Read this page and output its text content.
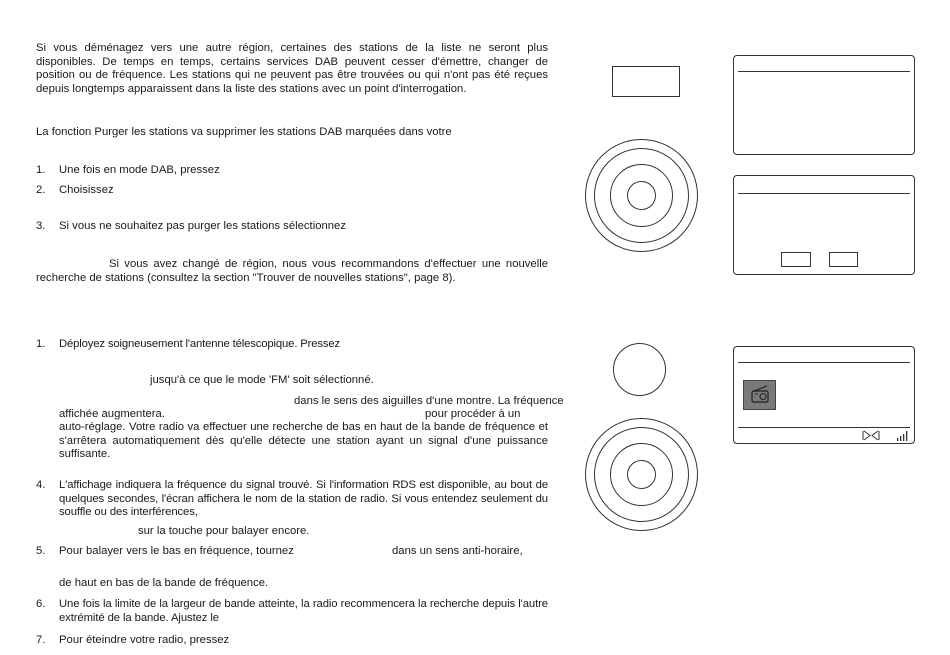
Si vous déménagez vers une autre région, certaines des stations de la liste ne seront plus disponibles. De temps en temps, certains services DAB peuvent cesser d'émettre, changer de position ou de fréquence. Les stations qui ne peuvent pas être trouvées ou qui n'ont pas été reçues depuis longtemps apparaissent dans la liste des stations avec un point d'interrogation.
La fonction Purger les stations va supprimer les stations DAB marquées dans votre
1. Une fois en mode DAB, pressez
2. Choisissez
3. Si vous ne souhaitez pas purger les stations sélectionnez
Si vous avez changé de région, nous vous recommandons d'effectuer une nouvelle recherche de stations (consultez la section "Trouver de nouvelles stations", page 8).
1. Déployez soigneusement l'antenne télescopique. Pressez
jusqu'à ce que le mode 'FM' soit sélectionné.
dans le sens des aiguilles d'une montre. La fréquence
affichée augmentera.	pour procéder à un
auto-réglage. Votre radio va effectuer une recherche de bas en haut de la bande de fréquence et s'arrêtera automatiquement dès qu'elle détecte une station ayant un signal d'une puissance suffisante.
4. L'affichage indiquera la fréquence du signal trouvé. Si l'information RDS est disponible, au bout de quelques secondes, l'écran affichera le nom de la station de radio. Si vous entendez seulement du souffle ou des interférences,
sur la touche pour balayer encore.
5. Pour balayer vers le bas en fréquence, tournez	dans un sens anti-horaire,
de haut en bas de la bande de fréquence.
6. Une fois la limite de la largeur de bande atteinte, la radio recommencera la recherche depuis l'autre extrémité de la bande. Ajustez le
7. Pour éteindre votre radio, pressez
